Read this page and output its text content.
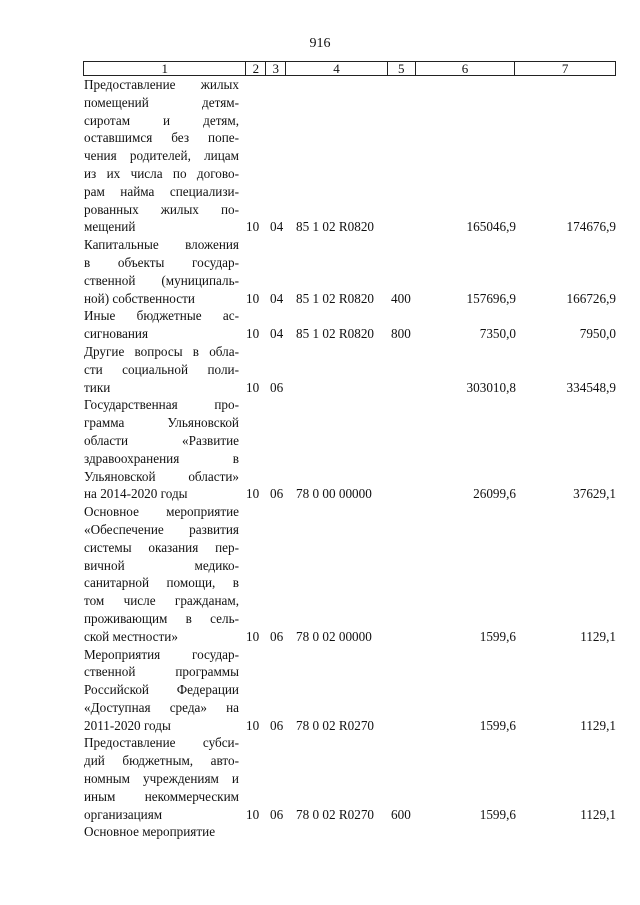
916
1	2	3	4	5	6	7
Предоставление жилых
помещений детям-
сиротам и детям,
оставшимся без попе-
чения родителей, лицам
из их числа по догово-
рам найма специализи-
рованных жилых по-
мещений	10 04 85 1 02 R0820	165046,9	174676,9
Капитальные вложения
в объекты государ-
ственной (муниципаль-
ной) собственности	10 04 85 1 02 R0820 400	157696,9	166726,9
Иные бюджетные ас-
сигнования	10 04 85 1 02 R0820 800	7350,0	7950,0
Другие вопросы в обла-
сти социальной поли-
тики	10 06	303010,8	334548,9
Государственная про-
грамма Ульяновской
области «Развитие
здравоохранения в
Ульяновской области»
на 2014-2020 годы	10 06 78 0 00 00000	26099,6	37629,1
Основное мероприятие
«Обеспечение развития
системы оказания пер-
вичной медико-
санитарной помощи, в
том числе гражданам,
проживающим в сель-
ской местности»	10 06 78 0 02 00000	1599,6	1129,1
Мероприятия государ-
ственной программы
Российской Федерации
«Доступная среда» на
2011-2020 годы	10 06 78 0 02 R0270	1599,6	1129,1
Предоставление субси-
дий бюджетным, авто-
номным учреждениям и
иным некоммерческим
организациям	10 06 78 0 02 R0270 600	1599,6	1129,1
Основное мероприятие
